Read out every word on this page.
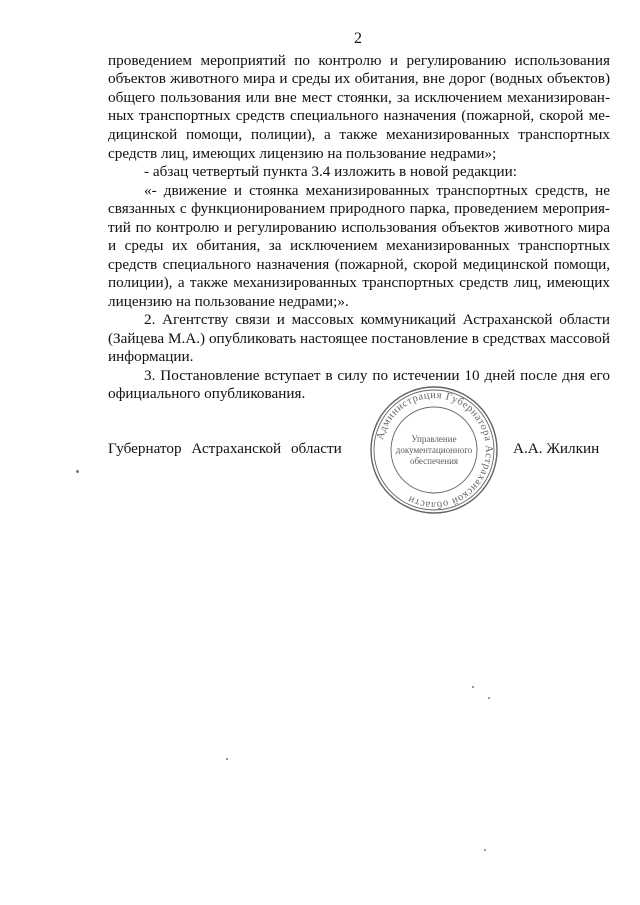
2
проведением мероприятий по контролю и регулированию использования
объектов животного мира и среды их обитания, вне дорог (водных объектов)
общего пользования или вне мест стоянки, за исключением механизирован-
ных транспортных средств специального назначения (пожарной, скорой ме-
дицинской помощи, полиции), а также механизированных транспортных
средств лиц, имеющих лицензию на пользование недрами»;
- абзац четвертый пункта 3.4 изложить в новой редакции:
«- движение и стоянка механизированных транспортных средств, не
связанных с функционированием природного парка, проведением мероприя-
тий по контролю и регулированию использования объектов животного мира
и среды их обитания, за исключением механизированных транспортных
средств специального назначения (пожарной, скорой медицинской помощи,
полиции), а также механизированных транспортных средств лиц, имеющих
лицензию на пользование недрами;».
2. Агентству связи и массовых коммуникаций Астраханской области
(Зайцева М.А.) опубликовать настоящее постановление в средствах массовой
информации.
3. Постановление вступает в силу по истечении 10 дней после дня его
официального опубликования.
Губернатор Астраханской области	А.А. Жилкин
Администрация Губернатора Астраханской области
Управление
документационного
обеспечения
